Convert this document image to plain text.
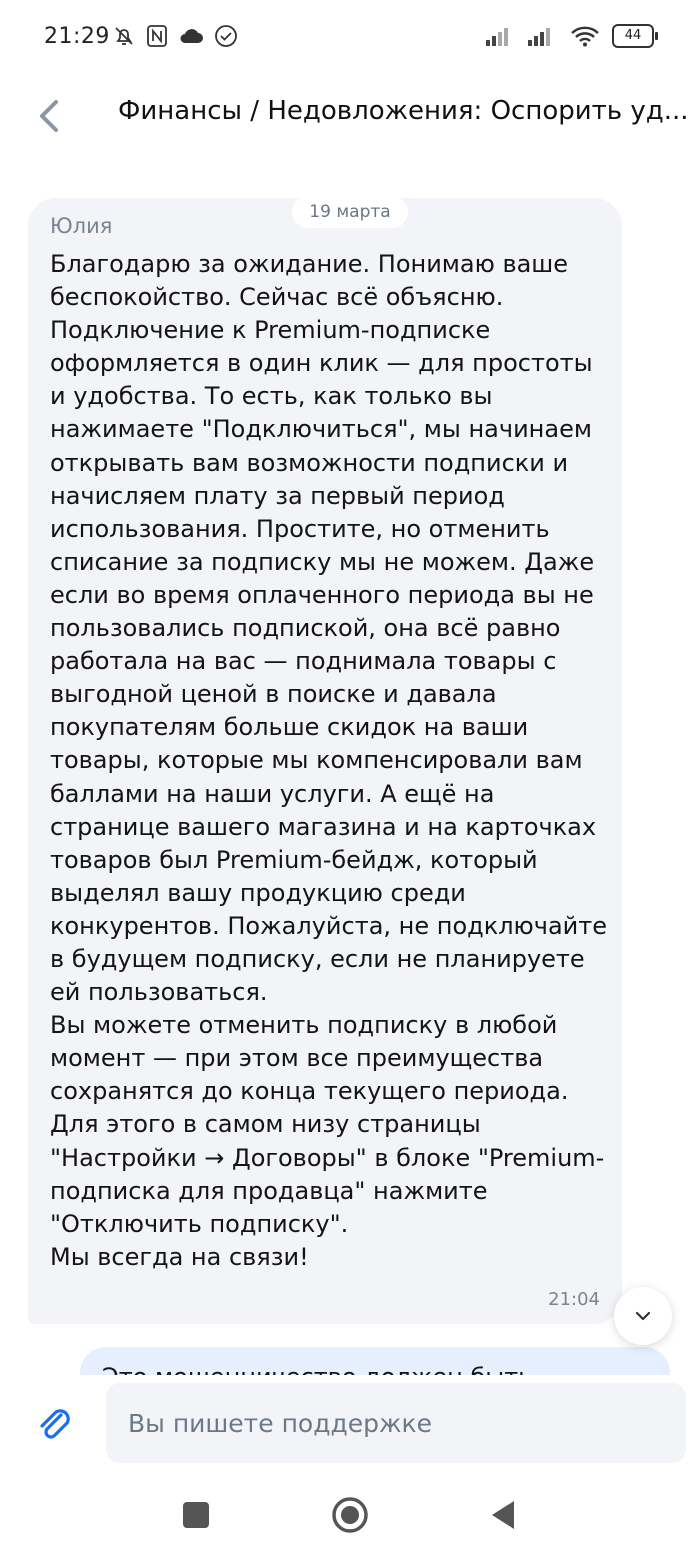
21:29	44
Финансы / Недовложения: Оспорить уд...
Юлия
Благодарю за ожидание. Понимаю ваше беспокойство. Сейчас всё объясню. Подключение к Premium-подписке оформляется в один клик — для простоты и удобства. То есть, как только вы нажимаете "Подключиться", мы начинаем открывать вам возможности подписки и начисляем плату за первый период использования. Простите, но отменить списание за подписку мы не можем. Даже если во время оплаченного периода вы не пользовались подпиской, она всё равно работала на вас — поднимала товары с выгодной ценой в поиске и давала покупателям больше скидок на ваши товары, которые мы компенсировали вам баллами на наши услуги. А ещё на странице вашего магазина и на карточках товаров был Premium-бейдж, который выделял вашу продукцию среди конкурентов. Пожалуйста, не подключайте в будущем подписку, если не планируете ей пользоваться.
Вы можете отменить подписку в любой момент — при этом все преимущества сохранятся до конца текущего периода. Для этого в самом низу страницы "Настройки → Договоры" в блоке "Premium-подписка для продавца" нажмите "Отключить подписку".
Мы всегда на связи!
21:04
19 марта
Вы пишете поддержке
